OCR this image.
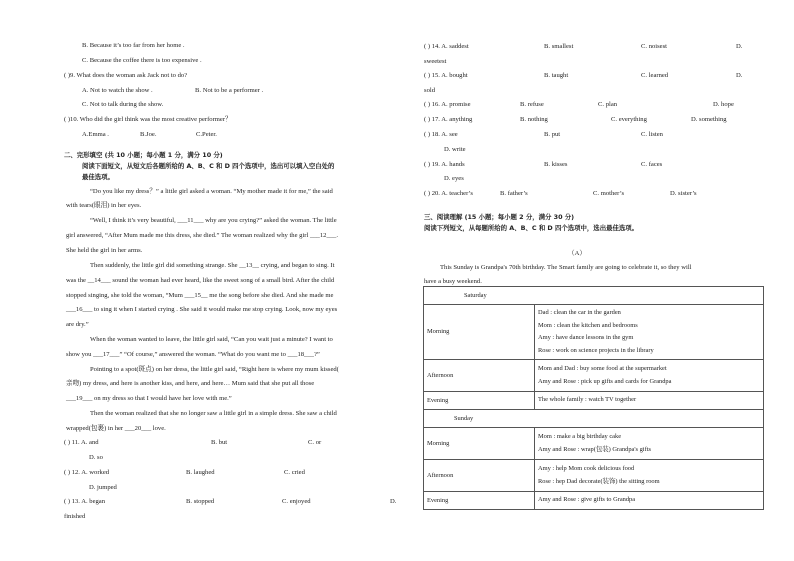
B. Because it’s too far from her home .
C. Because the coffee there is too expensive .
( )9. What does the woman ask Jack not to do?
A. Not to watch the show .	B. Not to be a performer .
C. Not to talk during the show.
( )10. Who did the girl think was the most creative performer？
A.Emma .	B.Joe.	C.Peter.
二、完形填空 (共 10 小题；每小题 1 分，满分 10 分)
阅读下面短文，从短文后各题所给的 A、B、C 和 D 四个选项中，选出可以填入空白处的
最佳选项。
“Do you like my dress？” a little girl asked a woman. “My mother made it for me,” the said
with tears(眼泪) in her eyes.
“Well, I think it’s very beautiful, ___11___ why are you crying?” asked the woman. The little
girl answered, “After Mum made me this dress, she died.” The woman realized why the girl ___12___.
She held the girl in her arms.
Then suddenly, the little girl did something strange. She __13__ crying, and began to sing. It
was the __14___ sound the woman had ever heard, like the sweet song of a small bird. After the child
stopped singing, she told the woman, “Mum ___15__ me the song before she died. And she made me
___16___ to sing it when I started crying . She said it would make me stop crying. Look, now my eyes
are dry.”
When the woman wanted to leave, the little girl said, “Can you wait just a minute? I want to
show you ___17___” “Of course,” answered the woman. “What do you want me to ___18___?”
Pointing to a spot(斑点) on her dress, the little girl said, “Right here is where my mum kissed(
亲吻) my dress, and here is another kiss, and here, and here… Mum said that she put all those
___19___ on my dress so that I would have her love with me.”
Then the woman realized that she no longer saw a little girl in a simple dress. She saw a child
wrapped(包裹) in her ___20___ love.
( ) 11. A. and	B. but	C. or
D. so
( ) 12. A. worked	B. laughed	C. cried
D. jumped
( ) 13. A. began	B. stopped	C. enjoyed	D.
finished
( ) 14. A. saddest	B. smallest	C. noisest	D.
sweetest
( ) 15. A. bought	B. taught	C. learned	D.
sold
( ) 16. A. promise	B. refuse	C. plan	D. hope
( ) 17. A. anything	B. nothing	C. everything	D. something
( ) 18. A. see	B. put	C. listen
D. write
( ) 19. A. hands	B. kisses	C. faces
D. eyes
( ) 20. A. teacher’s	B. father’s	C. mother’s	D. sister’s
三、阅读理解 (15 小题；每小题 2 分，满分 30 分)
阅读下列短文，从每题所给的 A、B、C 和 D 四个选项中，选出最佳选项。
（A）
This Sunday is Grandpa's 70th birthday. The Smart family are going to celebrate it, so they will
have a busy weekend.
Saturday	
Morning	Dad : clean the car in the garden
Mom : clean the kitchen and bedrooms
Amy : have dance lessons in the gym
Rose : work on science projects in the library

Afternoon	Mom and Dad : buy some food at the supermarket
Amy and Rose : pick up gifts and cards for Grandpa

Evening	The whole family : watch TV together

Sunday	
Morning	Mom : make a big birthday cake
Amy and Rose : wrap(包装) Grandpa's gifts

Afternoon	Amy : help Mom cook delicious food
Rose : hep Dad decorate(装饰) the sitting room

Evening	Amy and Rose : give gifts to Grandpa
